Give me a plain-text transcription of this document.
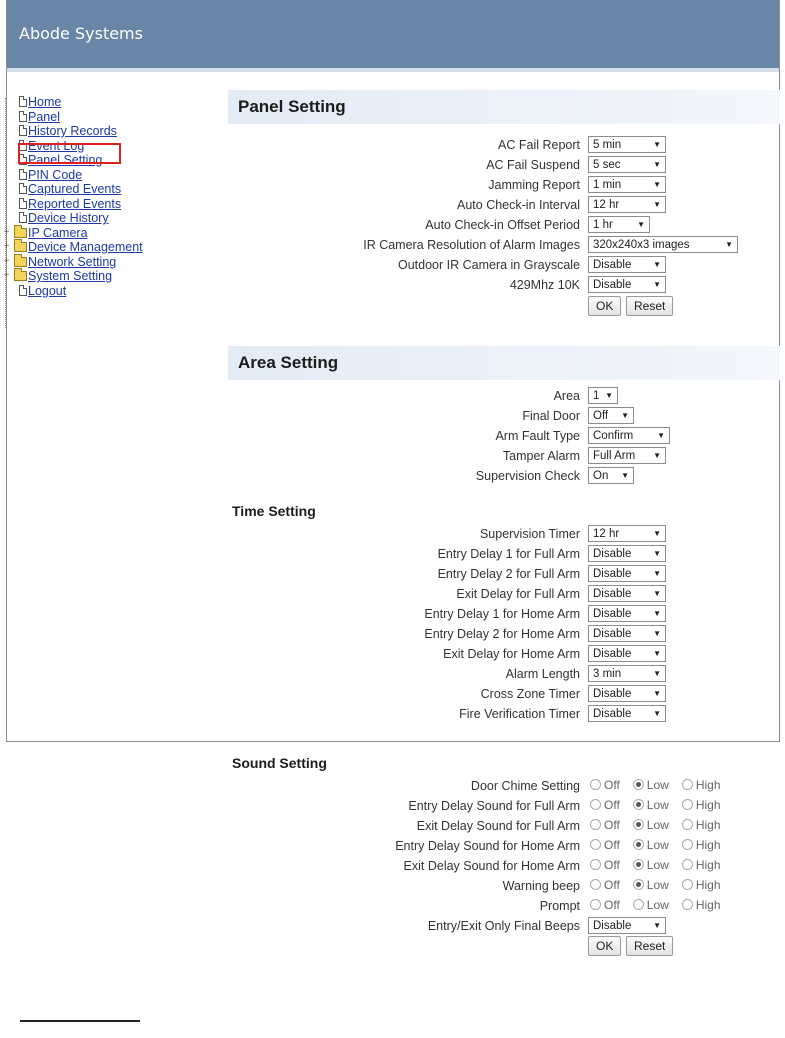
Abode Systems
Home
Panel
History Records
Event Log
Panel Setting
PIN Code
Captured Events
Reported Events
Device History
+ IP Camera
+ Device Management
+ Network Setting
+ System Setting
Logout
Panel Setting
AC Fail Report	5 min	▼
AC Fail Suspend	5 sec	▼
Jamming Report	1 min	▼
Auto Check-in Interval	12 hr	▼
Auto Check-in Offset Period	1 hr	▼
IR Camera Resolution of Alarm Images	320x240x3 images	▼
Outdoor IR Camera in Grayscale	Disable	▼
429Mhz 10K	Disable	▼
OK	Reset
Area Setting
Area	1 ▼
Final Door	Off ▼
Arm Fault Type	Confirm	▼
Tamper Alarm	Full Arm ▼
Supervision Check	On ▼
Time Setting
Supervision Timer	12 hr	▼
Entry Delay 1 for Full Arm	Disable	▼
Entry Delay 2 for Full Arm	Disable	▼
Exit Delay for Full Arm	Disable	▼
Entry Delay 1 for Home Arm	Disable	▼
Entry Delay 2 for Home Arm	Disable	▼
Exit Delay for Home Arm	Disable	▼
Alarm Length	3 min	▼
Cross Zone Timer	Disable	▼
Fire Verification Timer	Disable	▼
Sound Setting
Door Chime Setting	Off Low High
Entry Delay Sound for Full Arm	Off Low High
Exit Delay Sound for Full Arm	Off Low High
Entry Delay Sound for Home Arm	Off Low High
Exit Delay Sound for Home Arm	Off Low High
Warning beep	Off Low High
Prompt	Off Low High
Entry/Exit Only Final Beeps	Disable	▼
OK	Reset
